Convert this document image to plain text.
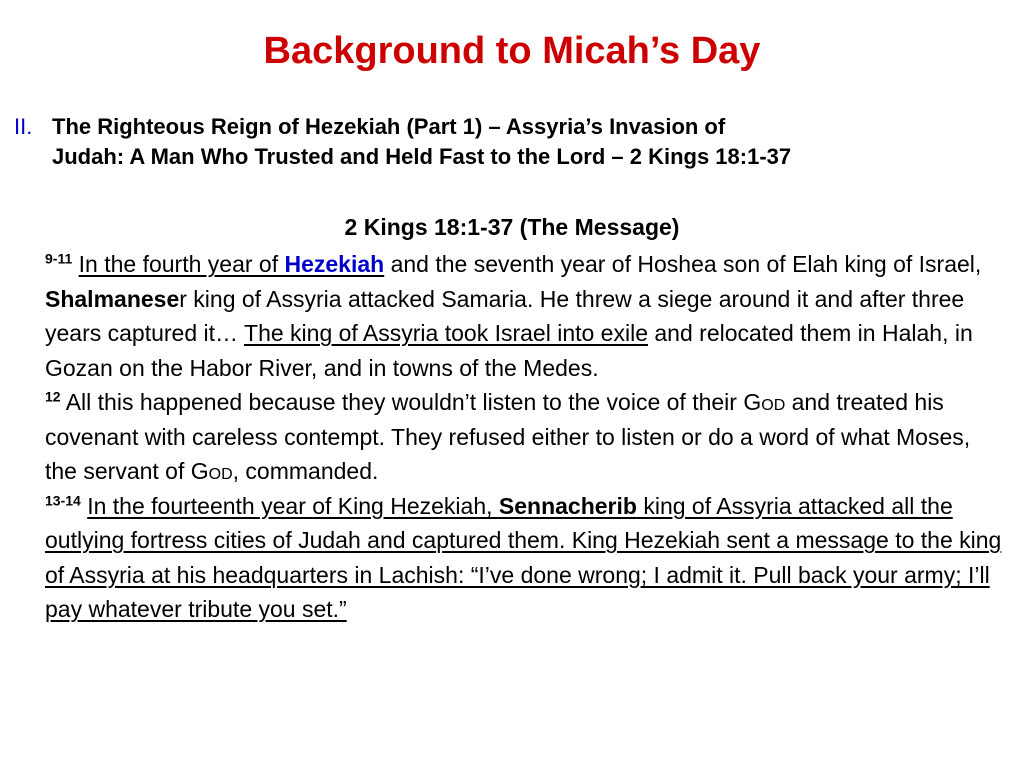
Background to Micah’s Day
II. The Righteous Reign of Hezekiah (Part 1) – Assyria’s Invasion of
Judah: A Man Who Trusted and Held Fast to the Lord – 2 Kings 18:1-37
2 Kings 18:1-37 (The Message)

$^{9-11}$ In the fourth year of Hezekiah and the seventh year of Hoshea son of Elah king of Israel, Shalmaneser king of Assyria attacked Samaria. He threw a siege around it and after three years captured it… The king of Assyria took Israel into exile and relocated them in Halah, in Gozan on the Habor River, and in towns of the Medes.

$^{12}$ All this happened because they wouldn’t listen to the voice of their God and treated his covenant with careless contempt. They refused either to listen or do a word of what Moses, the servant of God, commanded.

$^{13-14}$ In the fourteenth year of King Hezekiah, Sennacherib king of Assyria attacked all the outlying fortress cities of Judah and captured them. King Hezekiah sent a message to the king of Assyria at his headquarters in Lachish: “I’ve done wrong; I admit it. Pull back your army; I’ll pay whatever tribute you set.”
